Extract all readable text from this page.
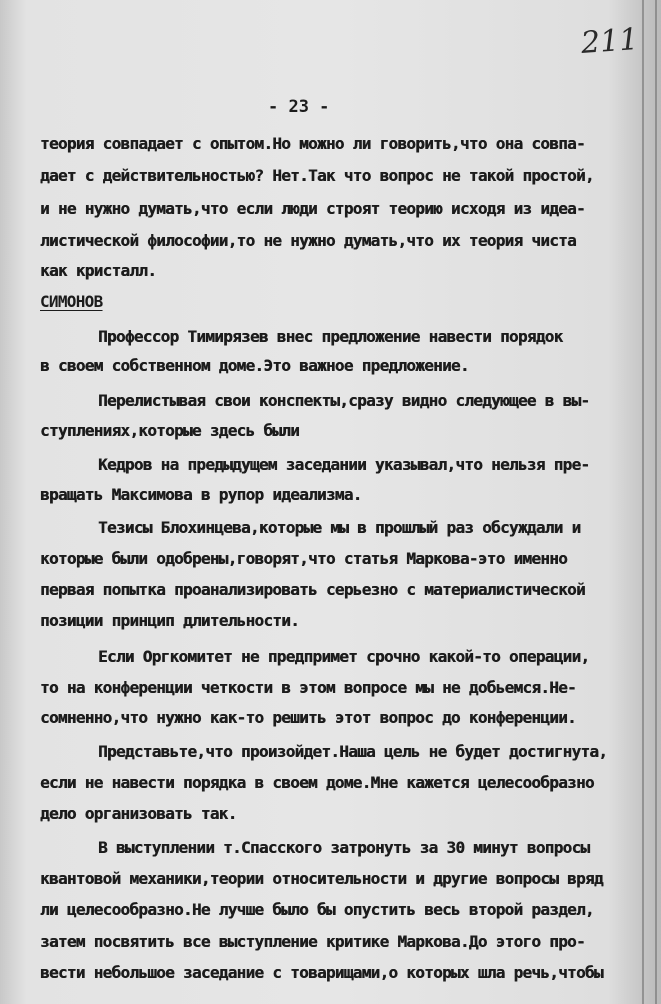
211
- 23 -
теория совпадает с опытом.Но можно ли говорить,что она совпа-
дает с действительностью? Нет.Так что вопрос не такой простой,
и не нужно думать,что если люди строят теорию исходя из идеа-
листической философии,то не нужно думать,что их теория чиста
как кристалл.
СИМОНОВ
Профессор Тимирязев внес предложение навести порядок
в своем собственном доме.Это важное предложение.
Перелистывая свои конспекты,сразу видно следующее в вы-
ступлениях,которые здесь были
Кедров на предыдущем заседании указывал,что нельзя пре-
вращать Максимова в рупор идеализма.
Тезисы Блохинцева,которые мы в прошлый раз обсуждали и
которые были одобрены,говорят,что статья Маркова-это именно
первая попытка проанализировать серьезно с материалистической
позиции принцип длительности.
Если Оргкомитет не предпримет срочно какой-то операции,
то на конференции четкости в этом вопросе мы не добьемся.Не-
сомненно,что нужно как-то решить этот вопрос до конференции.
Представьте,что произойдет.Наша цель не будет достигнута,
если не навести порядка в своем доме.Мне кажется целесообразно
дело организовать так.
В выступлении т.Спасского затронуть за 30 минут вопросы
квантовой механики,теории относительности и другие вопросы вряд
ли целесообразно.Не лучше было бы опустить весь второй раздел,
затем посвятить все выступление критике Маркова.До этого про-
вести небольшое заседание с товарищами,о которых шла речь,чтобы
